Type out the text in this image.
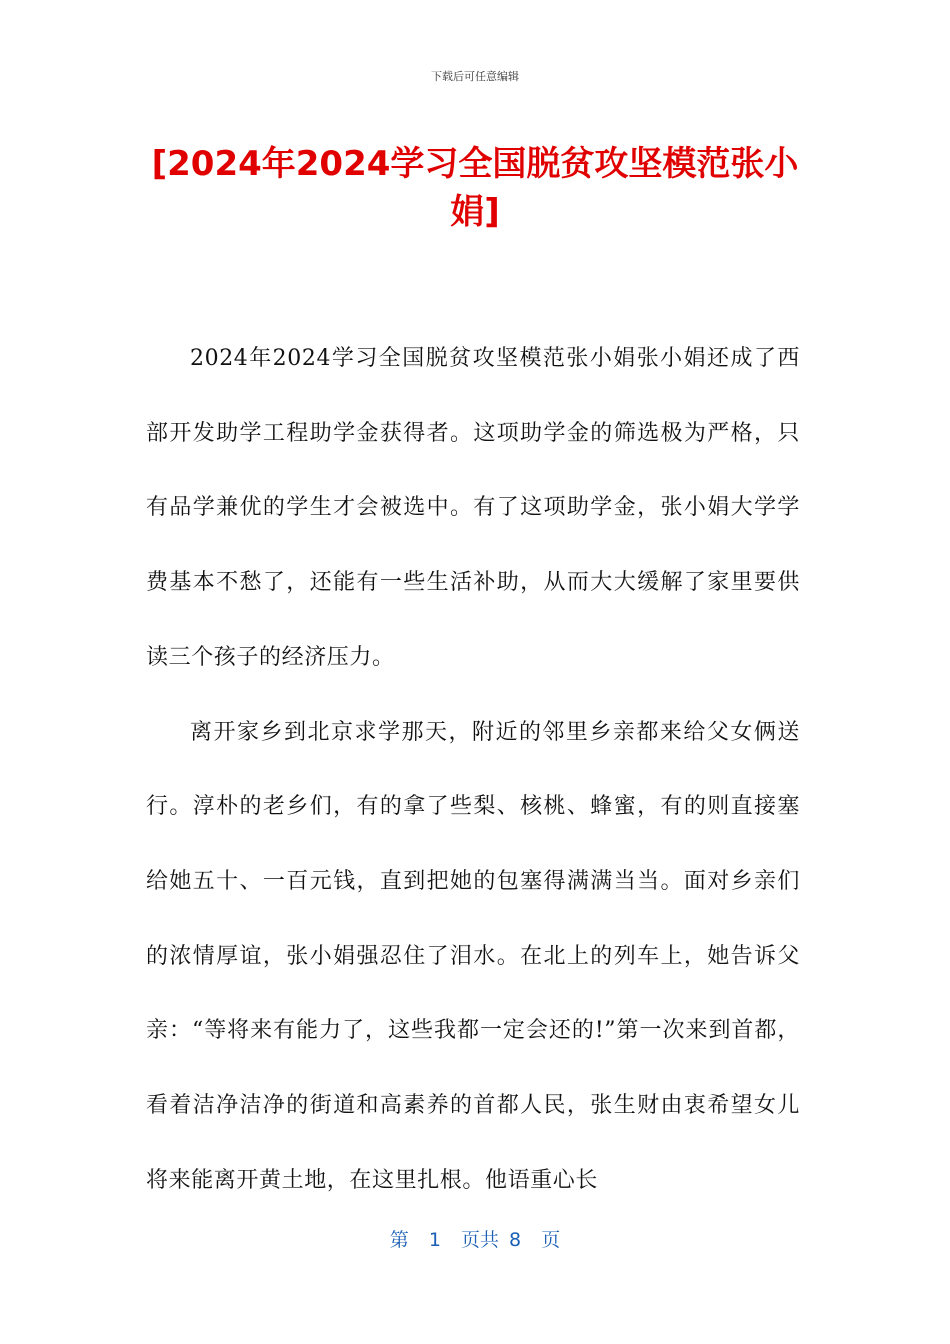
下载后可任意编辑
[2024年2024学习全国脱贫攻坚模范张小娟]

2024年2024学习全国脱贫攻坚模范张小娟张小娟还成了西部开发助学工程助学金获得者。这项助学金的筛选极为严格，只有品学兼优的学生才会被选中。有了这项助学金，张小娟大学学费基本不愁了，还能有一些生活补助，从而大大缓解了家里要供读三个孩子的经济压力。

离开家乡到北京求学那天，附近的邻里乡亲都来给父女俩送行。淳朴的老乡们，有的拿了些梨、核桃、蜂蜜，有的则直接塞给她五十、一百元钱，直到把她的包塞得满满当当。面对乡亲们的浓情厚谊，张小娟强忍住了泪水。在北上的列车上，她告诉父亲：“等将来有能力了，这些我都一定会还的!”第一次来到首都，看着洁净洁净的街道和高素养的首都人民，张生财由衷希望女儿将来能离开黄土地，在这里扎根。他语重心长

第  1  页共 8  页
